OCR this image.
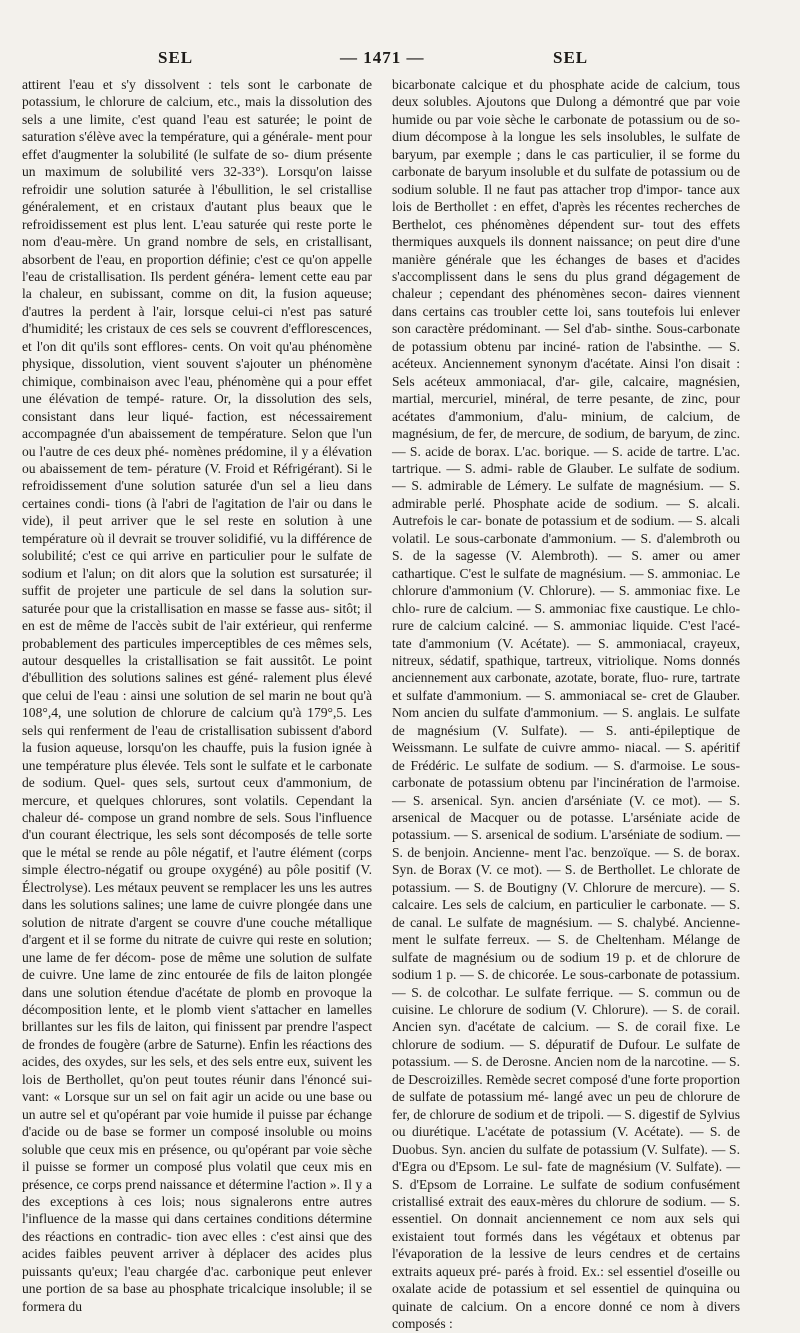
SEL	— 1471 —	SEL

attirent l'eau et s'y dissolvent : tels sont le carbonate de potassium, le chlorure de calcium, etc., mais la dissolution des sels a une limite, c'est quand l'eau est saturée; le point de saturation s'élève avec la température, qui a générale- ment pour effet d'augmenter la solubilité (le sulfate de so- dium présente un maximum de solubilité vers 32-33°). Lorsqu'on laisse refroidir une solution saturée à l'ébullition, le sel cristallise généralement, et en cristaux d'autant plus beaux que le refroidissement est plus lent. L'eau saturée qui reste porte le nom d'eau-mère. Un grand nombre de sels, en cristallisant, absorbent de l'eau, en proportion définie; c'est ce qu'on appelle l'eau de cristallisation. Ils perdent généra- lement cette eau par la chaleur, en subissant, comme on dit, la fusion aqueuse; d'autres la perdent à l'air, lorsque celui-ci n'est pas saturé d'humidité; les cristaux de ces sels se couvrent d'efflorescences, et l'on dit qu'ils sont efflores- cents. On voit qu'au phénomène physique, dissolution, vient souvent s'ajouter un phénomène chimique, combinaison avec l'eau, phénomène qui a pour effet une élévation de tempé- rature. Or, la dissolution des sels, consistant dans leur liqué- faction, est nécessairement accompagnée d'un abaissement de température. Selon que l'un ou l'autre de ces deux phé- nomènes prédomine, il y a élévation ou abaissement de tem- pérature (V. Froid et Réfrigérant). Si le refroidissement d'une solution saturée d'un sel a lieu dans certaines condi- tions (à l'abri de l'agitation de l'air ou dans le vide), il peut arriver que le sel reste en solution à une température où il devrait se trouver solidifié, vu la différence de solubilité; c'est ce qui arrive en particulier pour le sulfate de sodium et l'alun; on dit alors que la solution est sursaturée; il suffit de projeter une particule de sel dans la solution sur- saturée pour que la cristallisation en masse se fasse aus- sitôt; il en est de même de l'accès subit de l'air extérieur, qui renferme probablement des particules imperceptibles de ces mêmes sels, autour desquelles la cristallisation se fait aussitôt. Le point d'ébullition des solutions salines est géné- ralement plus élevé que celui de l'eau : ainsi une solution de sel marin ne bout qu'à 108°,4, une solution de chlorure de calcium qu'à 179°,5. Les sels qui renferment de l'eau de cristallisation subissent d'abord la fusion aqueuse, lorsqu'on les chauffe, puis la fusion ignée à une température plus élevée. Tels sont le sulfate et le carbonate de sodium. Quel- ques sels, surtout ceux d'ammonium, de mercure, et quelques chlorures, sont volatils. Cependant la chaleur dé- compose un grand nombre de sels. Sous l'influence d'un courant électrique, les sels sont décomposés de telle sorte que le métal se rende au pôle négatif, et l'autre élément (corps simple électro-négatif ou groupe oxygéné) au pôle positif (V. Électrolyse). Les métaux peuvent se remplacer les uns les autres dans les solutions salines; une lame de cuivre plongée dans une solution de nitrate d'argent se couvre d'une couche métallique d'argent et il se forme du nitrate de cuivre qui reste en solution; une lame de fer décom- pose de même une solution de sulfate de cuivre. Une lame de zinc entourée de fils de laiton plongée dans une solution étendue d'acétate de plomb en provoque la décomposition lente, et le plomb vient s'attacher en lamelles brillantes sur les fils de laiton, qui finissent par prendre l'aspect de frondes de fougère (arbre de Saturne). Enfin les réactions des acides, des oxydes, sur les sels, et des sels entre eux, suivent les lois de Berthollet, qu'on peut toutes réunir dans l'énoncé sui- vant: « Lorsque sur un sel on fait agir un acide ou une base ou un autre sel et qu'opérant par voie humide il puisse par échange d'acide ou de base se former un composé insoluble ou moins soluble que ceux mis en présence, ou qu'opérant par voie sèche il puisse se former un composé plus volatil que ceux mis en présence, ce corps prend naissance et détermine l'action ». Il y a des exceptions à ces lois; nous signalerons entre autres l'influence de la masse qui dans certaines conditions détermine des réactions en contradic- tion avec elles : c'est ainsi que des acides faibles peuvent arriver à déplacer des acides plus puissants qu'eux; l'eau chargée d'ac. carbonique peut enlever une portion de sa base au phosphate tricalcique insoluble; il se formera du

bicarbonate calcique et du phosphate acide de calcium, tous deux solubles. Ajoutons que Dulong a démontré que par voie humide ou par voie sèche le carbonate de potassium ou de so- dium décompose à la longue les sels insolubles, le sulfate de baryum, par exemple ; dans le cas particulier, il se forme du carbonate de baryum insoluble et du sulfate de potassium ou de sodium soluble. Il ne faut pas attacher trop d'impor- tance aux lois de Berthollet : en effet, d'après les récentes recherches de Berthelot, ces phénomènes dépendent sur- tout des effets thermiques auxquels ils donnent naissance; on peut dire d'une manière générale que les échanges de bases et d'acides s'accomplissent dans le sens du plus grand dégagement de chaleur ; cependant des phénomènes secon- daires viennent dans certains cas troubler cette loi, sans toutefois lui enlever son caractère prédominant. — Sel d'ab- sinthe. Sous-carbonate de potassium obtenu par inciné- ration de l'absinthe. — S. acéteux. Anciennement synonym d'acétate. Ainsi l'on disait : Sels acéteux ammoniacal, d'ar- gile, calcaire, magnésien, martial, mercuriel, minéral, de terre pesante, de zinc, pour acétates d'ammonium, d'alu- minium, de calcium, de magnésium, de fer, de mercure, de sodium, de baryum, de zinc. — S. acide de borax. L'ac. borique. — S. acide de tartre. L'ac. tartrique. — S. admi- rable de Glauber. Le sulfate de sodium. — S. admirable de Lémery. Le sulfate de magnésium. — S. admirable perlé. Phosphate acide de sodium. — S. alcali. Autrefois le car- bonate de potassium et de sodium. — S. alcali volatil. Le sous-carbonate d'ammonium. — S. d'alembroth ou S. de la sagesse (V. Alembroth). — S. amer ou amer cathartique. C'est le sulfate de magnésium. — S. ammoniac. Le chlorure d'ammonium (V. Chlorure). — S. ammoniac fixe. Le chlo- rure de calcium. — S. ammoniac fixe caustique. Le chlo- rure de calcium calciné. — S. ammoniac liquide. C'est l'acé- tate d'ammonium (V. Acétate). — S. ammoniacal, crayeux, nitreux, sédatif, spathique, tartreux, vitriolique. Noms donnés anciennement aux carbonate, azotate, borate, fluo- rure, tartrate et sulfate d'ammonium. — S. ammoniacal se- cret de Glauber. Nom ancien du sulfate d'ammonium. — S. anglais. Le sulfate de magnésium (V. Sulfate). — S. anti-épileptique de Weissmann. Le sulfate de cuivre ammo- niacal. — S. apéritif de Frédéric. Le sulfate de sodium. — S. d'armoise. Le sous-carbonate de potassium obtenu par l'incinération de l'armoise. — S. arsenical. Syn. ancien d'arséniate (V. ce mot). — S. arsenical de Macquer ou de potasse. L'arséniate acide de potassium. — S. arsenical de sodium. L'arséniate de sodium. — S. de benjoin. Ancienne- ment l'ac. benzoïque. — S. de borax. Syn. de Borax (V. ce mot). — S. de Berthollet. Le chlorate de potassium. — S. de Boutigny (V. Chlorure de mercure). — S. calcaire. Les sels de calcium, en particulier le carbonate. — S. de canal. Le sulfate de magnésium. — S. chalybé. Ancienne- ment le sulfate ferreux. — S. de Cheltenham. Mélange de sulfate de magnésium ou de sodium 19 p. et de chlorure de sodium 1 p. — S. de chicorée. Le sous-carbonate de potassium. — S. de colcothar. Le sulfate ferrique. — S. commun ou de cuisine. Le chlorure de sodium (V. Chlorure). — S. de corail. Ancien syn. d'acétate de calcium. — S. de corail fixe. Le chlorure de sodium. — S. dépuratif de Dufour. Le sulfate de potassium. — S. de Derosne. Ancien nom de la narcotine. — S. de Descroizilles. Remède secret composé d'une forte proportion de sulfate de potassium mé- langé avec un peu de chlorure de fer, de chlorure de sodium et de tripoli. — S. digestif de Sylvius ou diurétique. L'acétate de potassium (V. Acétate). — S. de Duobus. Syn. ancien du sulfate de potassium (V. Sulfate). — S. d'Egra ou d'Epsom. Le sul- fate de magnésium (V. Sulfate). — S. d'Epsom de Lorraine. Le sulfate de sodium confusément cristallisé extrait des eaux-mères du chlorure de sodium. — S. essentiel. On donnait anciennement ce nom aux sels qui existaient tout formés dans les végétaux et obtenus par l'évaporation de la lessive de leurs cendres et de certains extraits aqueux pré- parés à froid. Ex.: sel essentiel d'oseille ou oxalate acide de potassium et sel essentiel de quinquina ou quinate de calcium. On a encore donné ce nom à divers composés :
